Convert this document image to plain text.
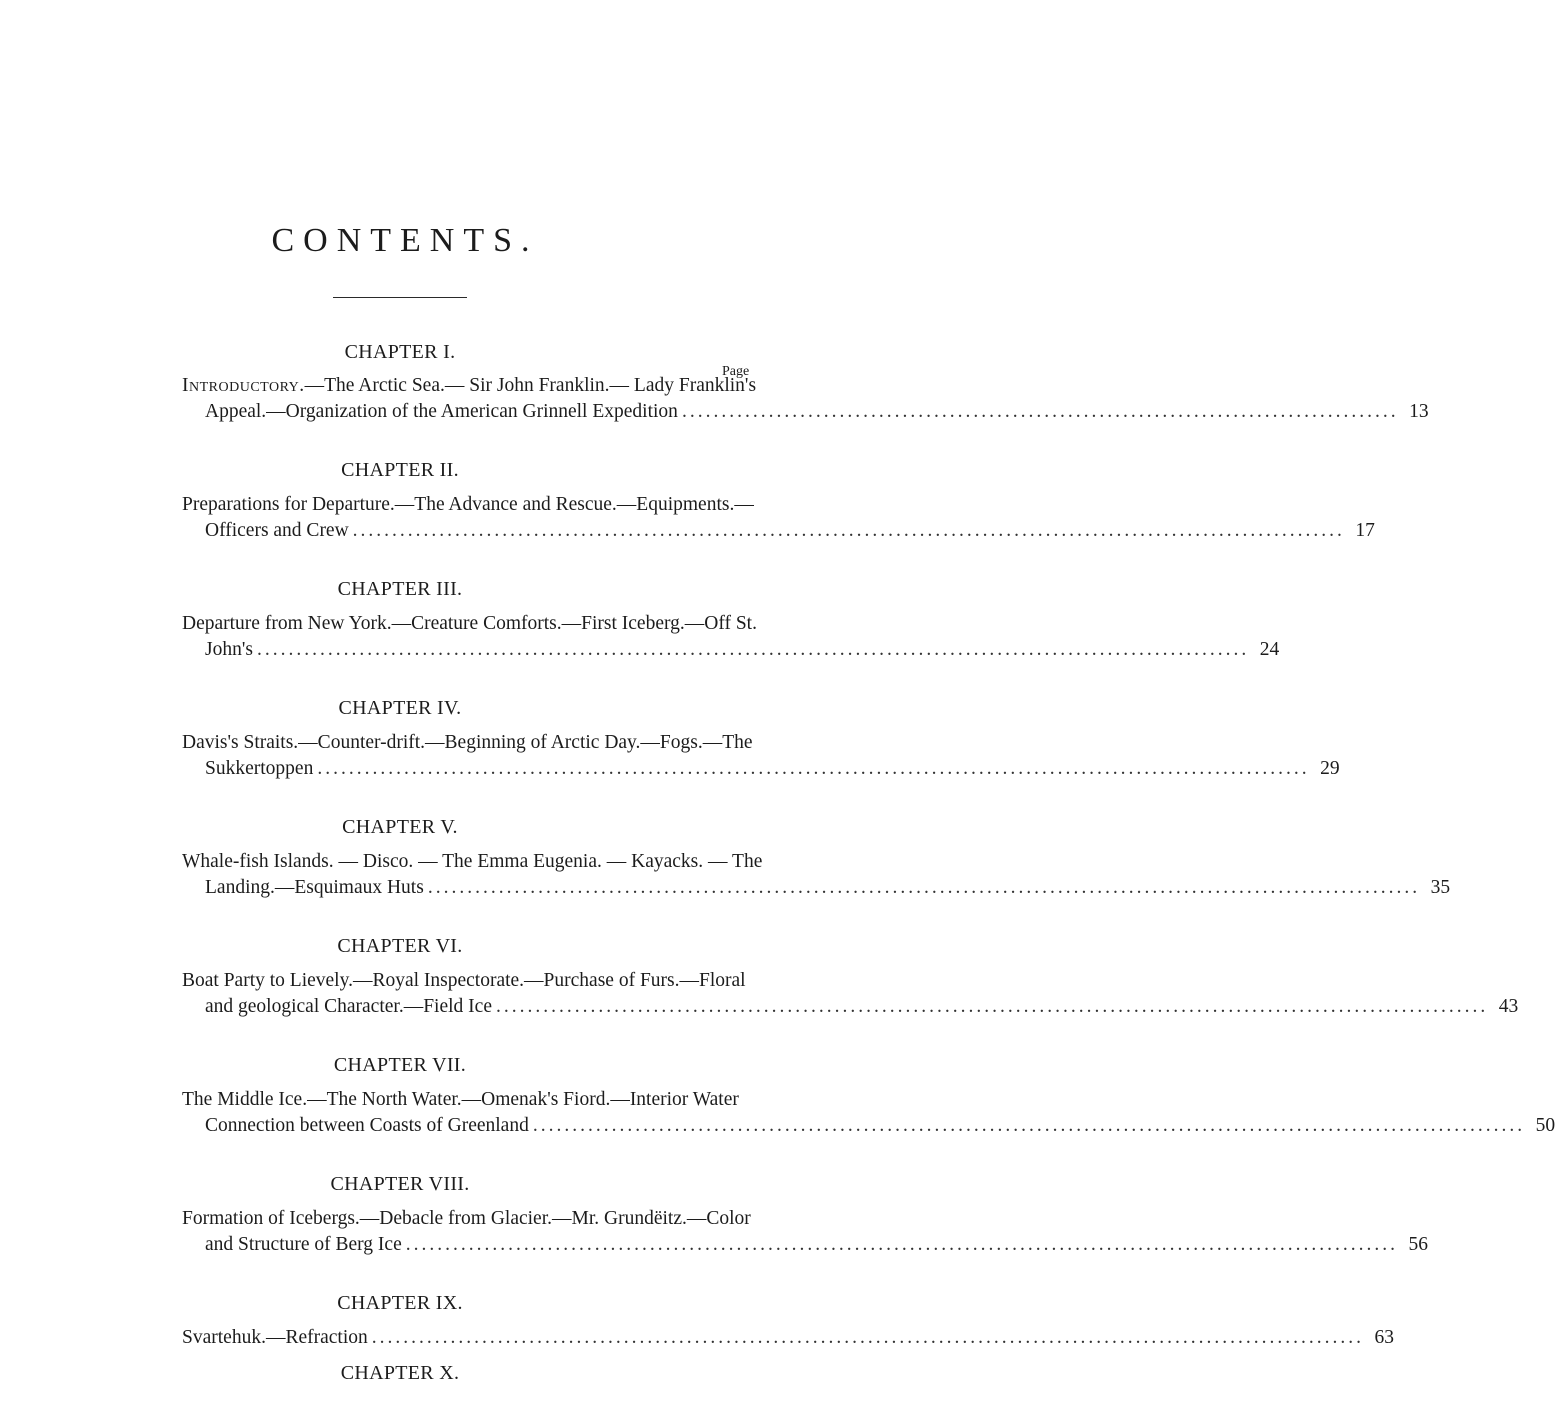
CONTENTS.
CHAPTER I.
Page
Introductory.—The Arctic Sea.— Sir John Franklin.— Lady Franklin's
Appeal.—Organization of the American Grinnell Expedition ........................................................................................... 13
CHAPTER II.
Preparations for Departure.—The Advance and Rescue.—Equipments.—
Officers and Crew .............................................................................................................................. 17
CHAPTER III.
Departure from New York.—Creature Comforts.—First Iceberg.—Off St.
John's .............................................................................................................................. 24
CHAPTER IV.
Davis's Straits.—Counter-drift.—Beginning of Arctic Day.—Fogs.—The
Sukkertoppen .............................................................................................................................. 29
CHAPTER V.
Whale-fish Islands. — Disco. — The Emma Eugenia. — Kayacks. — The
Landing.—Esquimaux Huts .............................................................................................................................. 35
CHAPTER VI.
Boat Party to Lievely.—Royal Inspectorate.—Purchase of Furs.—Floral
and geological Character.—Field Ice .............................................................................................................................. 43
CHAPTER VII.
The Middle Ice.—The North Water.—Omenak's Fiord.—Interior Water
Connection between Coasts of Greenland .............................................................................................................................. 50
CHAPTER VIII.
Formation of Icebergs.—Debacle from Glacier.—Mr. Grundëitz.—Color
and Structure of Berg Ice .............................................................................................................................. 56
CHAPTER IX.
Svartehuk.—Refraction .............................................................................................................................. 63
CHAPTER X.
